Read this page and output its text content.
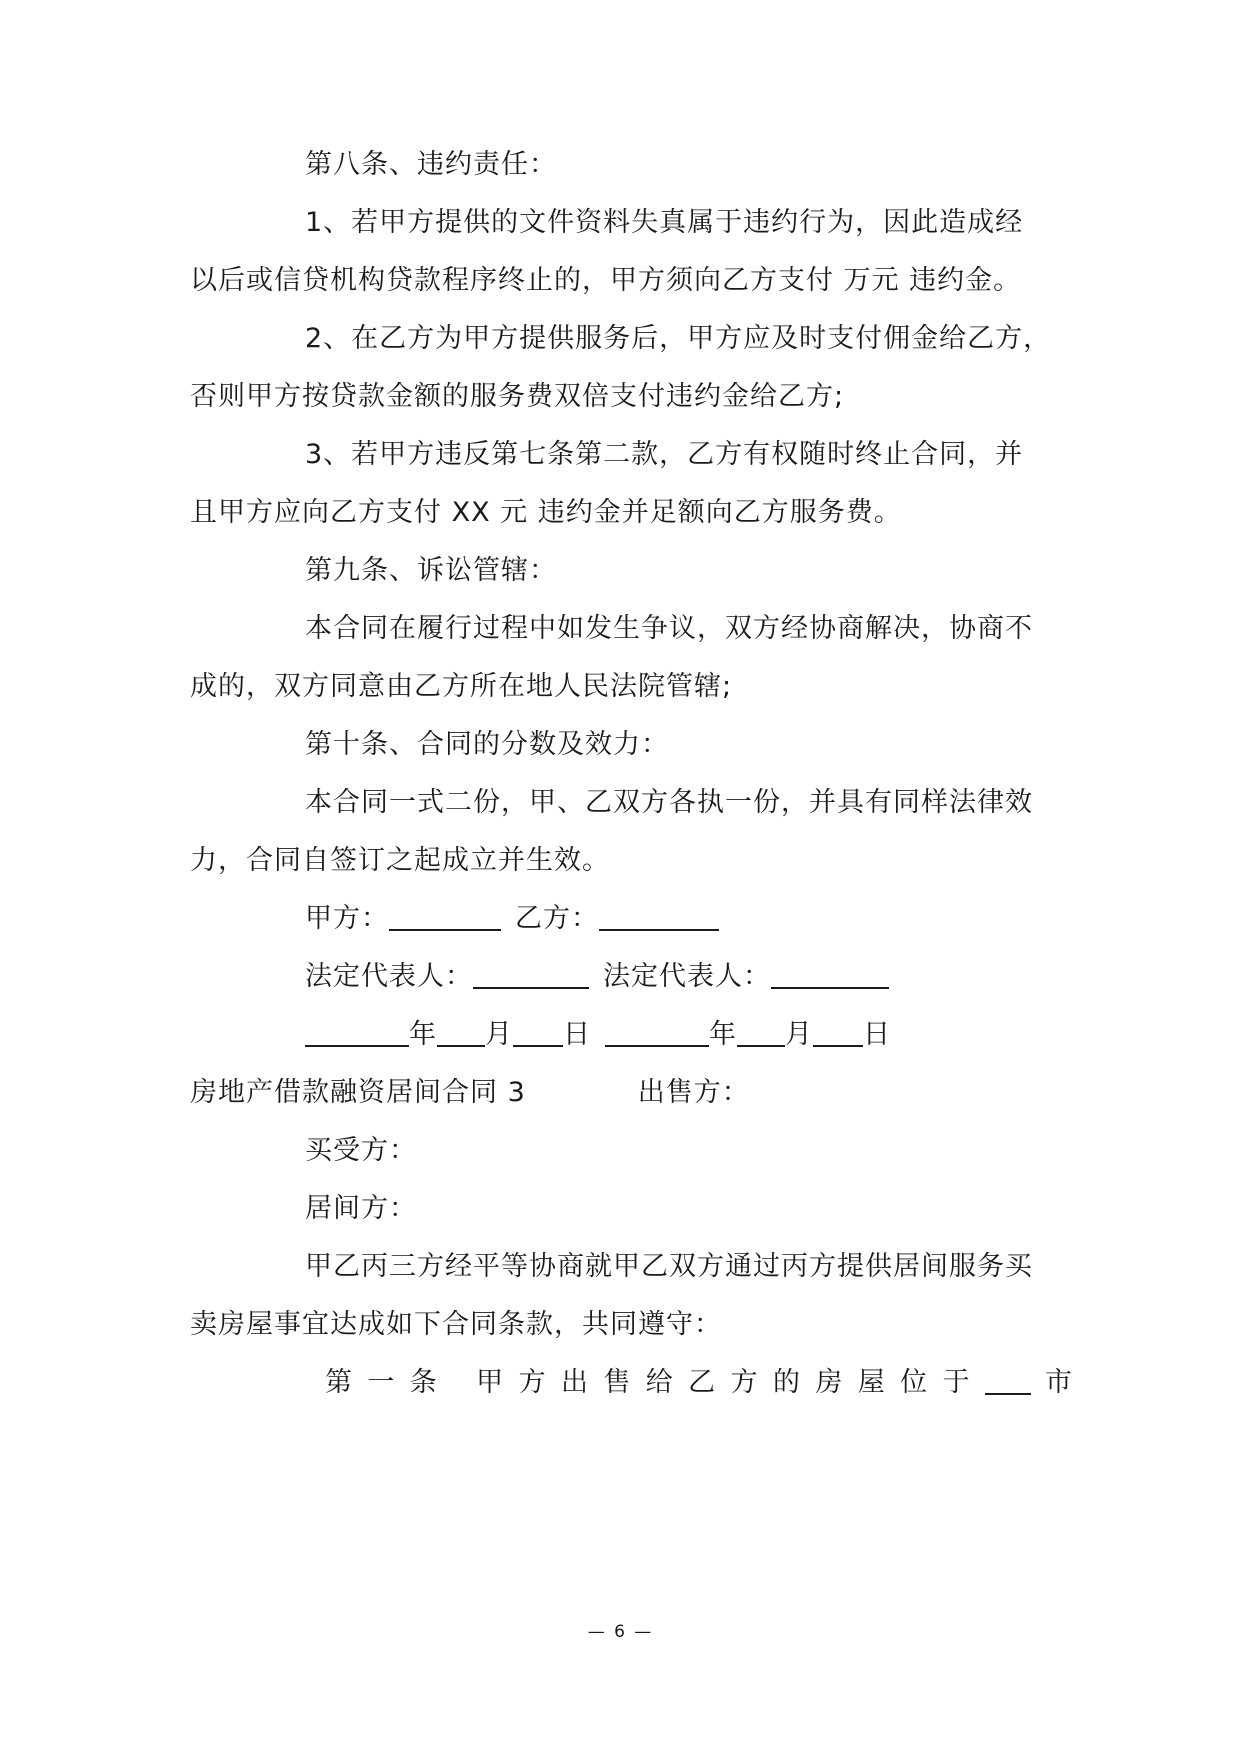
第八条、违约责任：
1、若甲方提供的文件资料失真属于违约行为，因此造成经
以后或信贷机构贷款程序终止的，甲方须向乙方支付 万元 违约金。
2、在乙方为甲方提供服务后，甲方应及时支付佣金给乙方，
否则甲方按贷款金额的服务费双倍支付违约金给乙方;
3、若甲方违反第七条第二款，乙方有权随时终止合同，并
且甲方应向乙方支付 XX 元 违约金并足额向乙方服务费。
第九条、诉讼管辖：
本合同在履行过程中如发生争议，双方经协商解决，协商不
成的，双方同意由乙方所在地人民法院管辖;
第十条、合同的分数及效力：
本合同一式二份，甲、乙双方各执一份，并具有同样法律效
力，合同自签订之起成立并生效。
甲方：	乙方：
法定代表人：	法定代表人：
年 月 日	年 月 日
房地产借款融资居间合同 3	出售方：
买受方：
居间方：
甲乙丙三方经平等协商就甲乙双方通过丙方提供居间服务买
卖房屋事宜达成如下合同条款，共同遵守：
第一条 甲方出售给乙方的房屋位于 市
— 6 —
